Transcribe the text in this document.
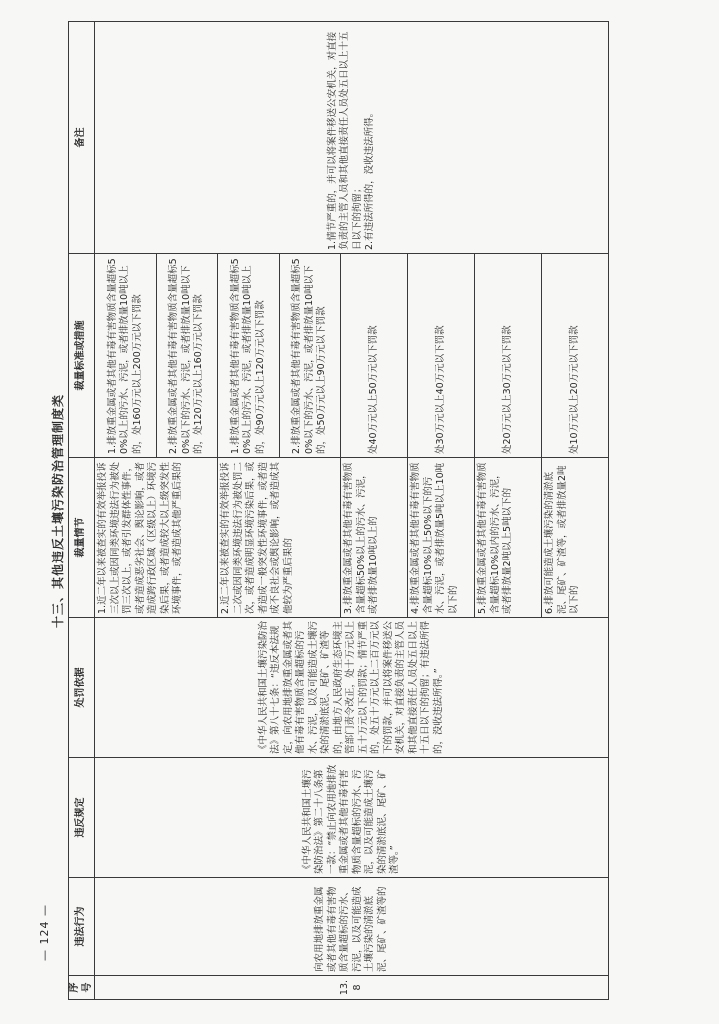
— 124 —
十三、其他违反土壤污染防治管理制度类
序号	违法行为	违反规定	处罚依据	裁量情节	裁量标准或措施	备注
13.8	向农用地排放重金属或者其他有毒有害物质含量超标的污水、污泥，以及可能造成土壤污染的清淤底泥、尾矿、矿渣等的	《中华人民共和国土壤污染防治法》第二十八条第一款：“禁止向农用地排放重金属或者其他有毒有害物质含量超标的污水、污泥，以及可能造成土壤污染的清淤底泥、尾矿、矿渣等。”	《中华人民共和国土壤污染防治法》第八十七条：“违反本法规定，向农用地排放重金属或者其他有毒有害物质含量超标的污水、污泥，以及可能造成土壤污染的清淤底泥、尾矿、矿渣等的，由地方人民政府生态环境主管部门责令改正，处十万元以上五十万元以下的罚款；情节严重的，处五十万元以上二百万元以下的罚款，并可以将案件移送公安机关，对直接负责的主管人员和其他直接责任人员处五日以上十五日以下的拘留；有违法所得的，没收违法所得。”	1.近二年以来被查实的有效举报投诉三次以上或因同类环境违法行为被处罚三次以上，或者引发群体性事件，或者造成恶劣社会、舆论影响，或者造成跨行政区域（区级以上）环境污染后果，或者造成较大以上级突发性环境事件，或者造成其他严重后果的	1.排放重金属或者其他有毒有害物质含量超标50%以上的污水、污泥，或者排放量10吨以上的，处160万元以上200万元以下罚款	1.情节严重的，并可以将案件移送公安机关，对直接负责的主管人员和其他直接责任人员处五日以上十五日以下的拘留；
2.有违法所得的，没收违法所得。
					2.排放重金属或者其他有毒有害物质含量超标50%以下的污水、污泥，或者排放量10吨以下的，处120万元以上160万元以下罚款	
				2.近二年以来被查实的有效举报投诉二次或因同类环境违法行为被处罚二次，或者造成明显环境污染后果，或者造成一般突发性环境事件，或者造成不良社会或舆论影响，或者造成其他较为严重后果的	1.排放重金属或者其他有毒有害物质含量超标50%以上的污水、污泥，或者排放量10吨以上的，处90万元以上120万元以下罚款	
					2.排放重金属或者其他有毒有害物质含量超标50%以下的污水、污泥，或者排放量10吨以下的，处50万元以上90万元以下罚款	
				3.排放重金属或者其他有毒有害物质含量超标50%以上的污水、污泥，或者排放量10吨以上的	处40万元以上50万元以下罚款	
				4.排放重金属或者其他有毒有害物质含量超标10%以上50%以下的污水、污泥，或者排放量5吨以上10吨以下的	处30万元以上40万元以下罚款	
				5.排放重金属或者其他有毒有害物质含量超标10%以内的污水、污泥，或者排放量2吨以上5吨以下的	处20万元以上30万元以下罚款	
				6.排放可能造成土壤污染的清淤底泥、尾矿、矿渣等，或者排放量2吨以下的	处10万元以上20万元以下罚款	
